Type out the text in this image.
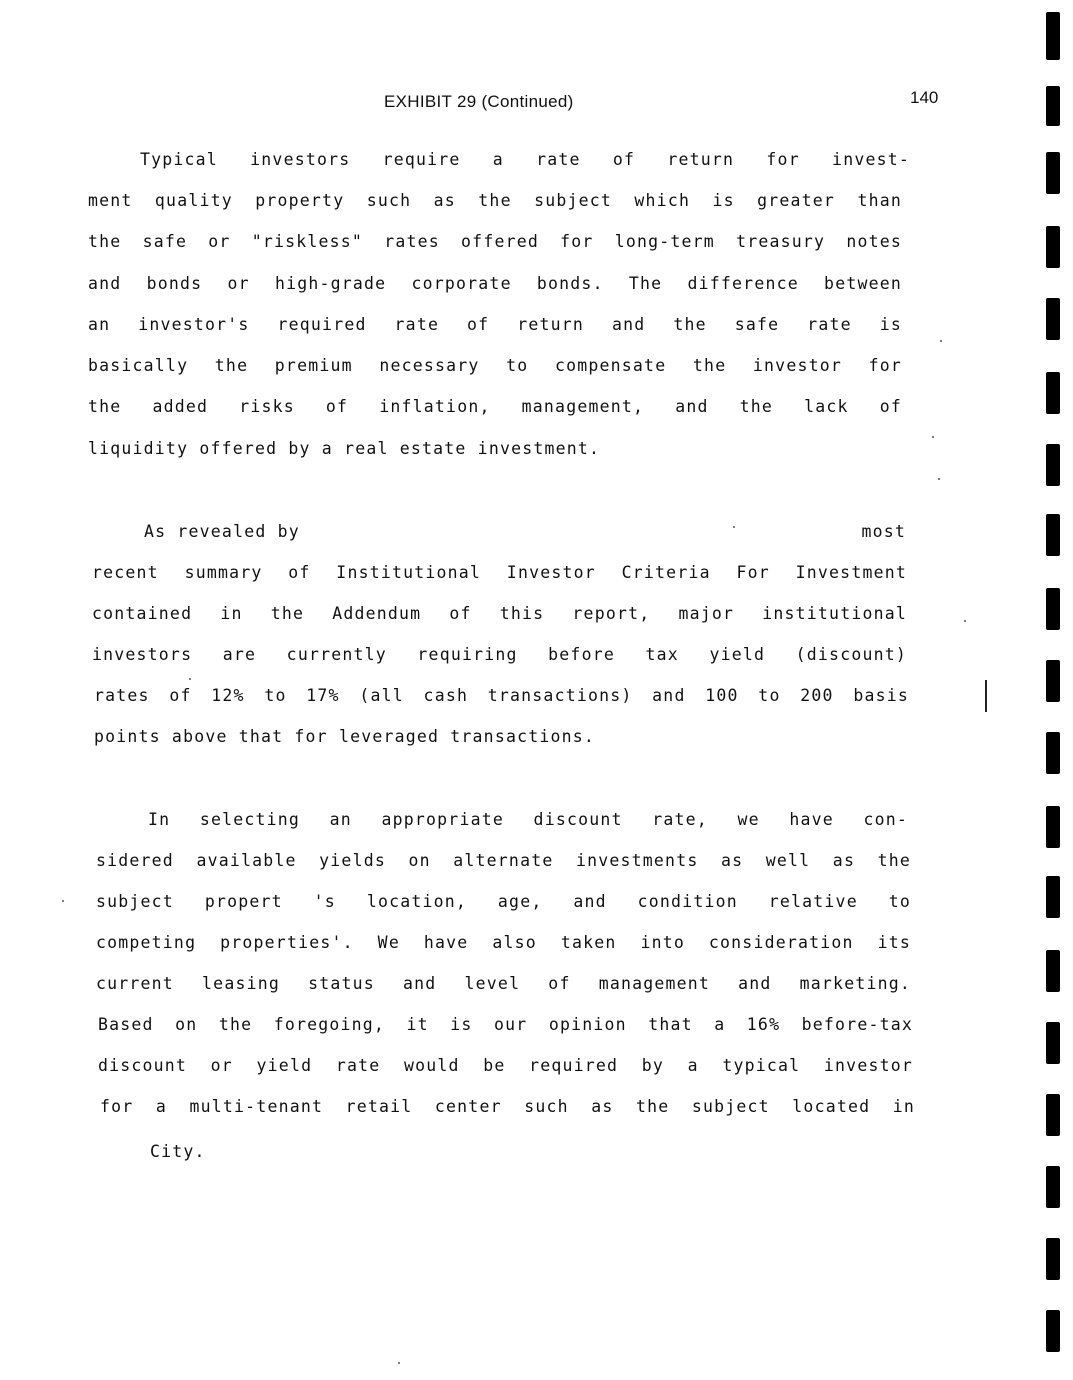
EXHIBIT 29 (Continued)	140
Typical investors require a rate of return for invest-
ment quality property such as the subject which is greater than
the safe or "riskless" rates offered for long-term treasury notes
and bonds or high-grade corporate bonds. The difference between
an investor's required rate of return and the safe rate is
basically the premium necessary to compensate the investor for
the added risks of inflation, management, and the lack of
liquidity offered by a real estate investment.
As revealed by	most
recent summary of Institutional Investor Criteria For Investment
contained in the Addendum of this report, major institutional
investors are currently requiring before tax yield (discount)
rates of 12% to 17% (all cash transactions) and 100 to 200 basis
points above that for leveraged transactions.
In selecting an appropriate discount rate, we have con-
sidered available yields on alternate investments as well as the
subject propert 's location, age, and condition relative to
competing properties'. We have also taken into consideration its
current leasing status and level of management and marketing.
Based on the foregoing, it is our opinion that a 16% before-tax
discount or yield rate would be required by a typical investor
for a multi-tenant retail center such as the subject located in
City.
